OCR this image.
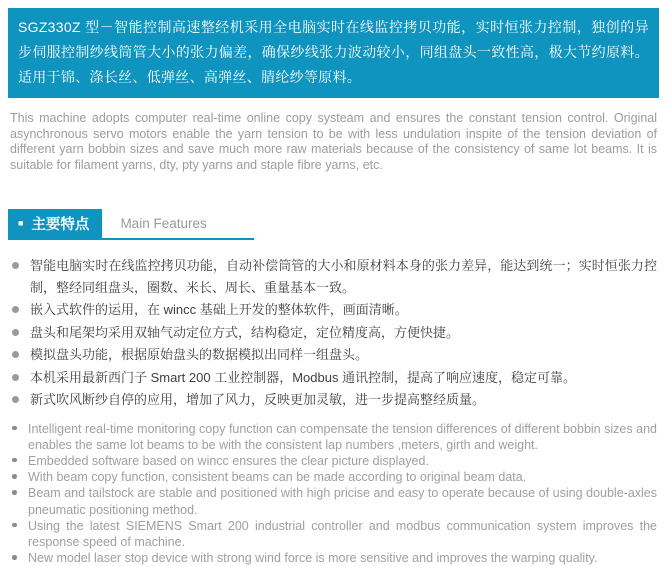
SGZ330Z 型－智能控制高速整经机采用全电脑实时在线监控拷贝功能，实时恒张力控制，独创的异步伺服控制纱线筒管大小的张力偏差，确保纱线张力波动较小，同组盘头一致性高，极大节约原料。适用于锦、涤长丝、低弹丝、高弹丝、腈纶纱等原料。

This machine adopts computer real-time online copy systeam and ensures the constant tension control. Original asynchronous servo motors enable the yarn tension to be with less undulation inspite of the tension deviation of different yarn bobbin sizes and save much more raw materials because of the consistency of same lot beams. It is suitable for filament yarns, dty, pty yarns and staple fibre yarns, etc.

■ 主要特点	Main Features
智能电脑实时在线监控拷贝功能，自动补偿筒管的大小和原材料本身的张力差异，能达到统一；实时恒张力控制，整经同组盘头，圈数、米长、周长、重量基本一致。
嵌入式软件的运用，在 wincc 基础上开发的整体软件，画面清晰。
盘头和尾架均采用双轴气动定位方式，结构稳定，定位精度高，方便快捷。
模拟盘头功能，根据原始盘头的数据模拟出同样一组盘头。
本机采用最新西门子 Smart 200 工业控制器，Modbus 通讯控制，提高了响应速度，稳定可靠。
新式吹风断纱自停的应用，增加了风力，反映更加灵敏，进一步提高整经质量。
Intelligent real-time monitoring copy function can compensate the tension differences of different bobbin sizes and enables the same lot beams to be with the consistent lap numbers ,meters, girth and weight.
Embedded software based on wincc ensures the clear picture displayed.
With beam copy function, consistent beams can be made according to original beam data.
Beam and tailstock are stable and positioned with high pricise and easy to operate because of using double-axles pneumatic positioning method.
Using the latest SIEMENS Smart 200 industrial controller and modbus communication system improves the response speed of machine.
New model laser stop device with strong wind force is more sensitive and improves the warping quality.
